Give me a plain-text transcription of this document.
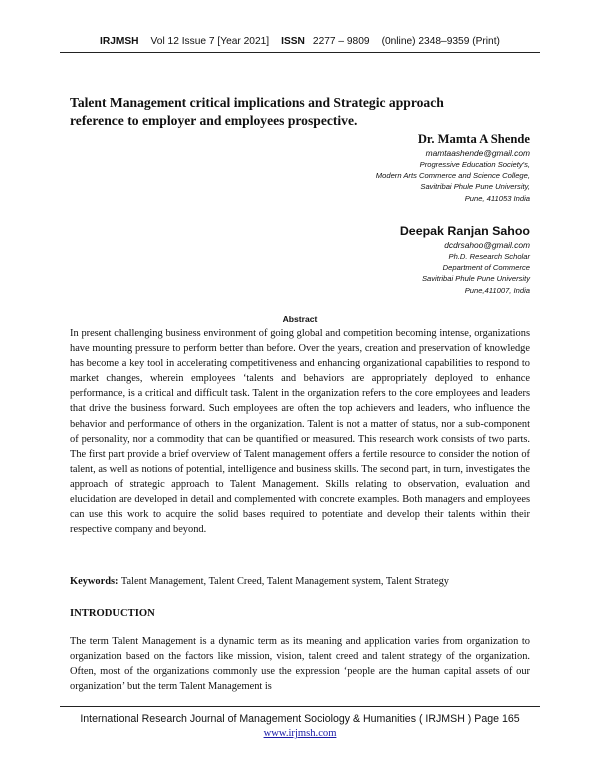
IRJMSH Vol 12 Issue 7 [Year 2021] ISSN 2277 – 9809 (0nline) 2348–9359 (Print)
Talent Management critical implications and Strategic approach
reference to employer and employees prospective.
Dr. Mamta A Shende
mamtaashende@gmail.com
Progressive Education Society's,
Modern Arts Commerce and Science College,
Savitribai Phule Pune University,
Pune, 411053 India
Deepak Ranjan Sahoo
dcdrsahoo@gmail.com
Ph.D. Research Scholar
Department of Commerce
Savitribai Phule Pune University
Pune,411007, India
Abstract

In present challenging business environment of going global and competition becoming intense, organizations have mounting pressure to perform better than before. Over the years, creation and preservation of knowledge has become a key tool in accelerating competitiveness and enhancing organizational capabilities to respond to market changes, wherein employees ‘talents and behaviors are appropriately deployed to enhance performance, is a critical and difficult task. Talent in the organization refers to the core employees and leaders that drive the business forward. Such employees are often the top achievers and leaders, who influence the behavior and performance of others in the organization. Talent is not a matter of status, nor a sub-component of personality, nor a commodity that can be quantified or measured. This research work consists of two parts. The first part provide a brief overview of Talent management offers a fertile resource to consider the notion of talent, as well as notions of potential, intelligence and business skills. The second part, in turn, investigates the approach of strategic approach to Talent Management. Skills relating to observation, evaluation and elucidation are developed in detail and complemented with concrete examples. Both managers and employees can use this work to acquire the solid bases required to potentiate and develop their talents within their respective company and beyond.

Keywords: Talent Management, Talent Creed, Talent Management system, Talent Strategy

INTRODUCTION

The term Talent Management is a dynamic term as its meaning and application varies from organization to organization based on the factors like mission, vision, talent creed and talent strategy of the organization. Often, most of the organizations commonly use the expression ‘people are the human capital assets of our organization’ but the term Talent Management is

International Research Journal of Management Sociology & Humanities ( IRJMSH ) Page 165
www.irjmsh.com
